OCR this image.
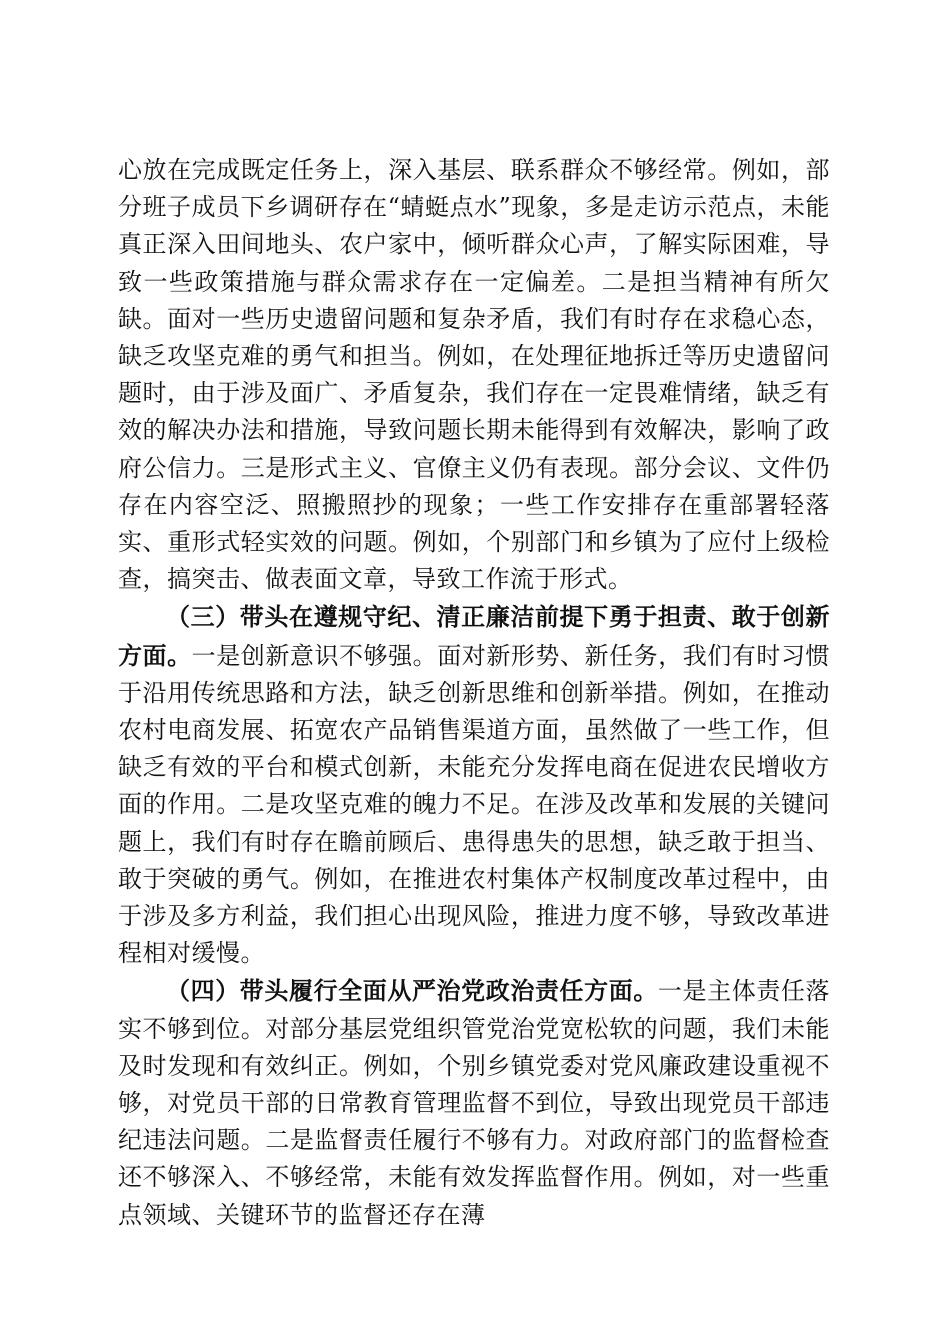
心放在完成既定任务上，深入基层、联系群众不够经常。例如，部分班子成员下乡调研存在“蜻蜓点水”现象，多是走访示范点，未能真正深入田间地头、农户家中，倾听群众心声，了解实际困难，导致一些政策措施与群众需求存在一定偏差。二是担当精神有所欠缺。面对一些历史遗留问题和复杂矛盾，我们有时存在求稳心态，缺乏攻坚克难的勇气和担当。例如，在处理征地拆迁等历史遗留问题时，由于涉及面广、矛盾复杂，我们存在一定畏难情绪，缺乏有效的解决办法和措施，导致问题长期未能得到有效解决，影响了政府公信力。三是形式主义、官僚主义仍有表现。部分会议、文件仍存在内容空泛、照搬照抄的现象；一些工作安排存在重部署轻落实、重形式轻实效的问题。例如，个别部门和乡镇为了应付上级检查，搞突击、做表面文章，导致工作流于形式。

（三）带头在遵规守纪、清正廉洁前提下勇于担责、敢于创新方面。一是创新意识不够强。面对新形势、新任务，我们有时习惯于沿用传统思路和方法，缺乏创新思维和创新举措。例如，在推动农村电商发展、拓宽农产品销售渠道方面，虽然做了一些工作，但缺乏有效的平台和模式创新，未能充分发挥电商在促进农民增收方面的作用。二是攻坚克难的魄力不足。在涉及改革和发展的关键问题上，我们有时存在瞻前顾后、患得患失的思想，缺乏敢于担当、敢于突破的勇气。例如，在推进农村集体产权制度改革过程中，由于涉及多方利益，我们担心出现风险，推进力度不够，导致改革进程相对缓慢。

（四）带头履行全面从严治党政治责任方面。一是主体责任落实不够到位。对部分基层党组织管党治党宽松软的问题，我们未能及时发现和有效纠正。例如，个别乡镇党委对党风廉政建设重视不够，对党员干部的日常教育管理监督不到位，导致出现党员干部违纪违法问题。二是监督责任履行不够有力。对政府部门的监督检查还不够深入、不够经常，未能有效发挥监督作用。例如，对一些重点领域、关键环节的监督还存在薄
